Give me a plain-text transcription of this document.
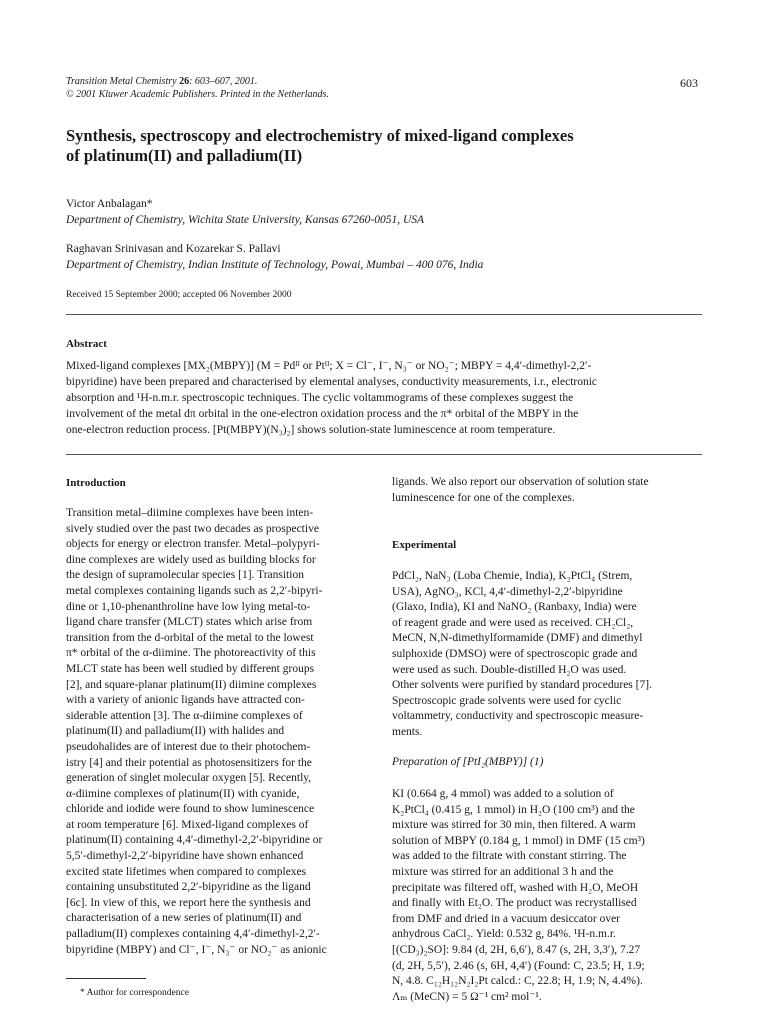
Transition Metal Chemistry 26: 603–607, 2001.
© 2001 Kluwer Academic Publishers. Printed in the Netherlands.
603
Synthesis, spectroscopy and electrochemistry of mixed-ligand complexes
of platinum(II) and palladium(II)
Victor Anbalagan*
Department of Chemistry, Wichita State University, Kansas 67260-0051, USA
Raghavan Srinivasan and Kozarekar S. Pallavi
Department of Chemistry, Indian Institute of Technology, Powai, Mumbai – 400 076, India
Received 15 September 2000; accepted 06 November 2000
Abstract
Mixed-ligand complexes [MX₂(MBPY)] (M = Pdᴵᴵ or Ptᴵᴵ; X = Cl⁻, I⁻, N₃⁻ or NO₂⁻; MBPY = 4,4′-dimethyl-2,2′-
bipyridine) have been prepared and characterised by elemental analyses, conductivity measurements, i.r., electronic
absorption and ¹H-n.m.r. spectroscopic techniques. The cyclic voltammograms of these complexes suggest the
involvement of the metal dπ orbital in the one-electron oxidation process and the π* orbital of the MBPY in the
one-electron reduction process. [Pt(MBPY)(N₃)₂] shows solution-state luminescence at room temperature.
Introduction
Transition metal–diimine complexes have been inten-
sively studied over the past two decades as prospective
objects for energy or electron transfer. Metal–polypyri-
dine complexes are widely used as building blocks for
the design of supramolecular species [1]. Transition
metal complexes containing ligands such as 2,2′-bipyri-
dine or 1,10-phenanthroline have low lying metal-to-
ligand chare transfer (MLCT) states which arise from
transition from the d-orbital of the metal to the lowest
π* orbital of the α-diimine. The photoreactivity of this
MLCT state has been well studied by different groups
[2], and square-planar platinum(II) diimine complexes
with a variety of anionic ligands have attracted con-
siderable attention [3]. The α-diimine complexes of
platinum(II) and palladium(II) with halides and
pseudohalides are of interest due to their photochem-
istry [4] and their potential as photosensitizers for the
generation of singlet molecular oxygen [5]. Recently,
α-diimine complexes of platinum(II) with cyanide,
chloride and iodide were found to show luminescence
at room temperature [6]. Mixed-ligand complexes of
platinum(II) containing 4,4′-dimethyl-2,2′-bipyridine or
5,5′-dimethyl-2,2′-bipyridine have shown enhanced
excited state lifetimes when compared to complexes
containing unsubstituted 2,2′-bipyridine as the ligand
[6c]. In view of this, we report here the synthesis and
characterisation of a new series of platinum(II) and
palladium(II) complexes containing 4,4′-dimethyl-2,2′-
bipyridine (MBPY) and Cl⁻, I⁻, N₃⁻ or NO₂⁻ as anionic
ligands. We also report our observation of solution state
luminescence for one of the complexes.
Experimental
PdCl₂, NaN₃ (Loba Chemie, India), K₂PtCl₄ (Strem,
USA), AgNO₃, KCl, 4,4′-dimethyl-2,2′-bipyridine
(Glaxo, India), KI and NaNO₂ (Ranbaxy, India) were
of reagent grade and were used as received. CH₂Cl₂,
MeCN, N,N-dimethylformamide (DMF) and dimethyl
sulphoxide (DMSO) were of spectroscopic grade and
were used as such. Double-distilled H₂O was used.
Other solvents were purified by standard procedures [7].
Spectroscopic grade solvents were used for cyclic
voltammetry, conductivity and spectroscopic measure-
ments.
Preparation of [PtI₂(MBPY)] (1)
KI (0.664 g, 4 mmol) was added to a solution of
K₂PtCl₄ (0.415 g, 1 mmol) in H₂O (100 cm³) and the
mixture was stirred for 30 min, then filtered. A warm
solution of MBPY (0.184 g, 1 mmol) in DMF (15 cm³)
was added to the filtrate with constant stirring. The
mixture was stirred for an additional 3 h and the
precipitate was filtered off, washed with H₂O, MeOH
and finally with Et₂O. The product was recrystallised
from DMF and dried in a vacuum desiccator over
anhydrous CaCl₂. Yield: 0.532 g, 84%. ¹H-n.m.r.
[(CD₃)₂SO]: 9.84 (d, 2H, 6,6′), 8.47 (s, 2H, 3,3′), 7.27
(d, 2H, 5,5′), 2.46 (s, 6H, 4,4′) (Found: C, 23.5; H, 1.9;
N, 4.8. C₁₂H₁₂N₂I₂Pt calcd.: C, 22.8; H, 1.9; N, 4.4%).
Λₘ (MeCN) = 5 Ω⁻¹ cm² mol⁻¹.
* Author for correspondence
